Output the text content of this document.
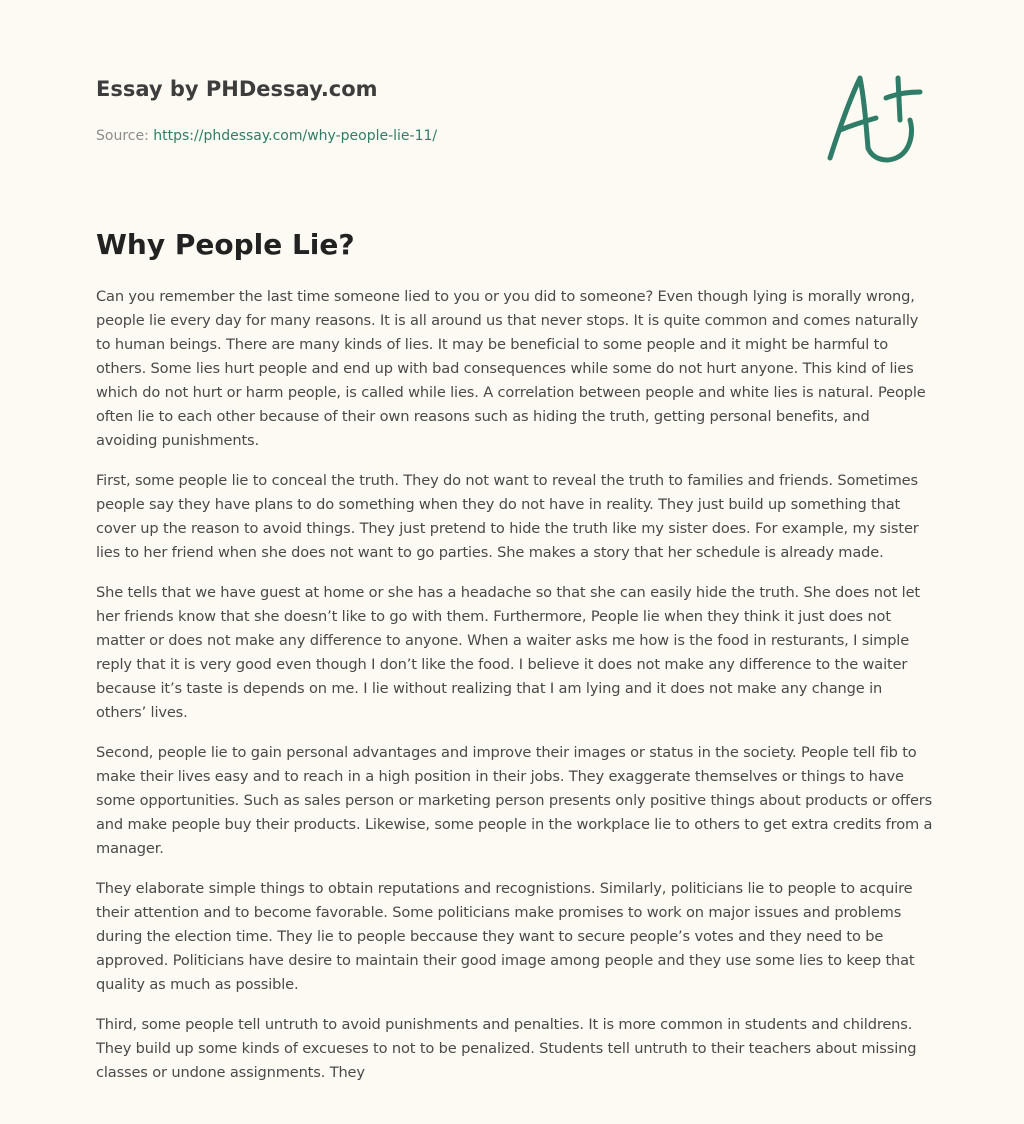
Essay by PHDessay.com
Source: https://phdessay.com/why-people-lie-11/
Why People Lie?

Can you remember the last time someone lied to you or you did to someone? Even though lying is morally wrong, people lie every day for many reasons. It is all around us that never stops. It is quite common and comes naturally to human beings. There are many kinds of lies. It may be beneficial to some people and it might be harmful to others. Some lies hurt people and end up with bad consequences while some do not hurt anyone. This kind of lies which do not hurt or harm people, is called while lies. A correlation between people and white lies is natural. People often lie to each other because of their own reasons such as hiding the truth, getting personal benefits, and avoiding punishments.

First, some people lie to conceal the truth. They do not want to reveal the truth to families and friends. Sometimes people say they have plans to do something when they do not have in reality. They just build up something that cover up the reason to avoid things. They just pretend to hide the truth like my sister does. For example, my sister lies to her friend when she does not want to go parties. She makes a story that her schedule is already made.

She tells that we have guest at home or she has a headache so that she can easily hide the truth. She does not let her friends know that she doesn’t like to go with them. Furthermore, People lie when they think it just does not matter or does not make any difference to anyone. When a waiter asks me how is the food in resturants, I simple reply that it is very good even though I don’t like the food. I believe it does not make any difference to the waiter because it’s taste is depends on me. I lie without realizing that I am lying and it does not make any change in others’ lives.

Second, people lie to gain personal advantages and improve their images or status in the society. People tell fib to make their lives easy and to reach in a high position in their jobs. They exaggerate themselves or things to have some opportunities. Such as sales person or marketing person presents only positive things about products or offers and make people buy their products. Likewise, some people in the workplace lie to others to get extra credits from a manager.

They elaborate simple things to obtain reputations and recognistions. Similarly, politicians lie to people to acquire their attention and to become favorable. Some politicians make promises to work on major issues and problems during the election time. They lie to people beccause they want to secure people’s votes and they need to be approved. Politicians have desire to maintain their good image among people and they use some lies to keep that quality as much as possible.

Third, some people tell untruth to avoid punishments and penalties. It is more common in students and childrens. They build up some kinds of excueses to not to be penalized. Students tell untruth to their teachers about missing classes or undone assignments. They
